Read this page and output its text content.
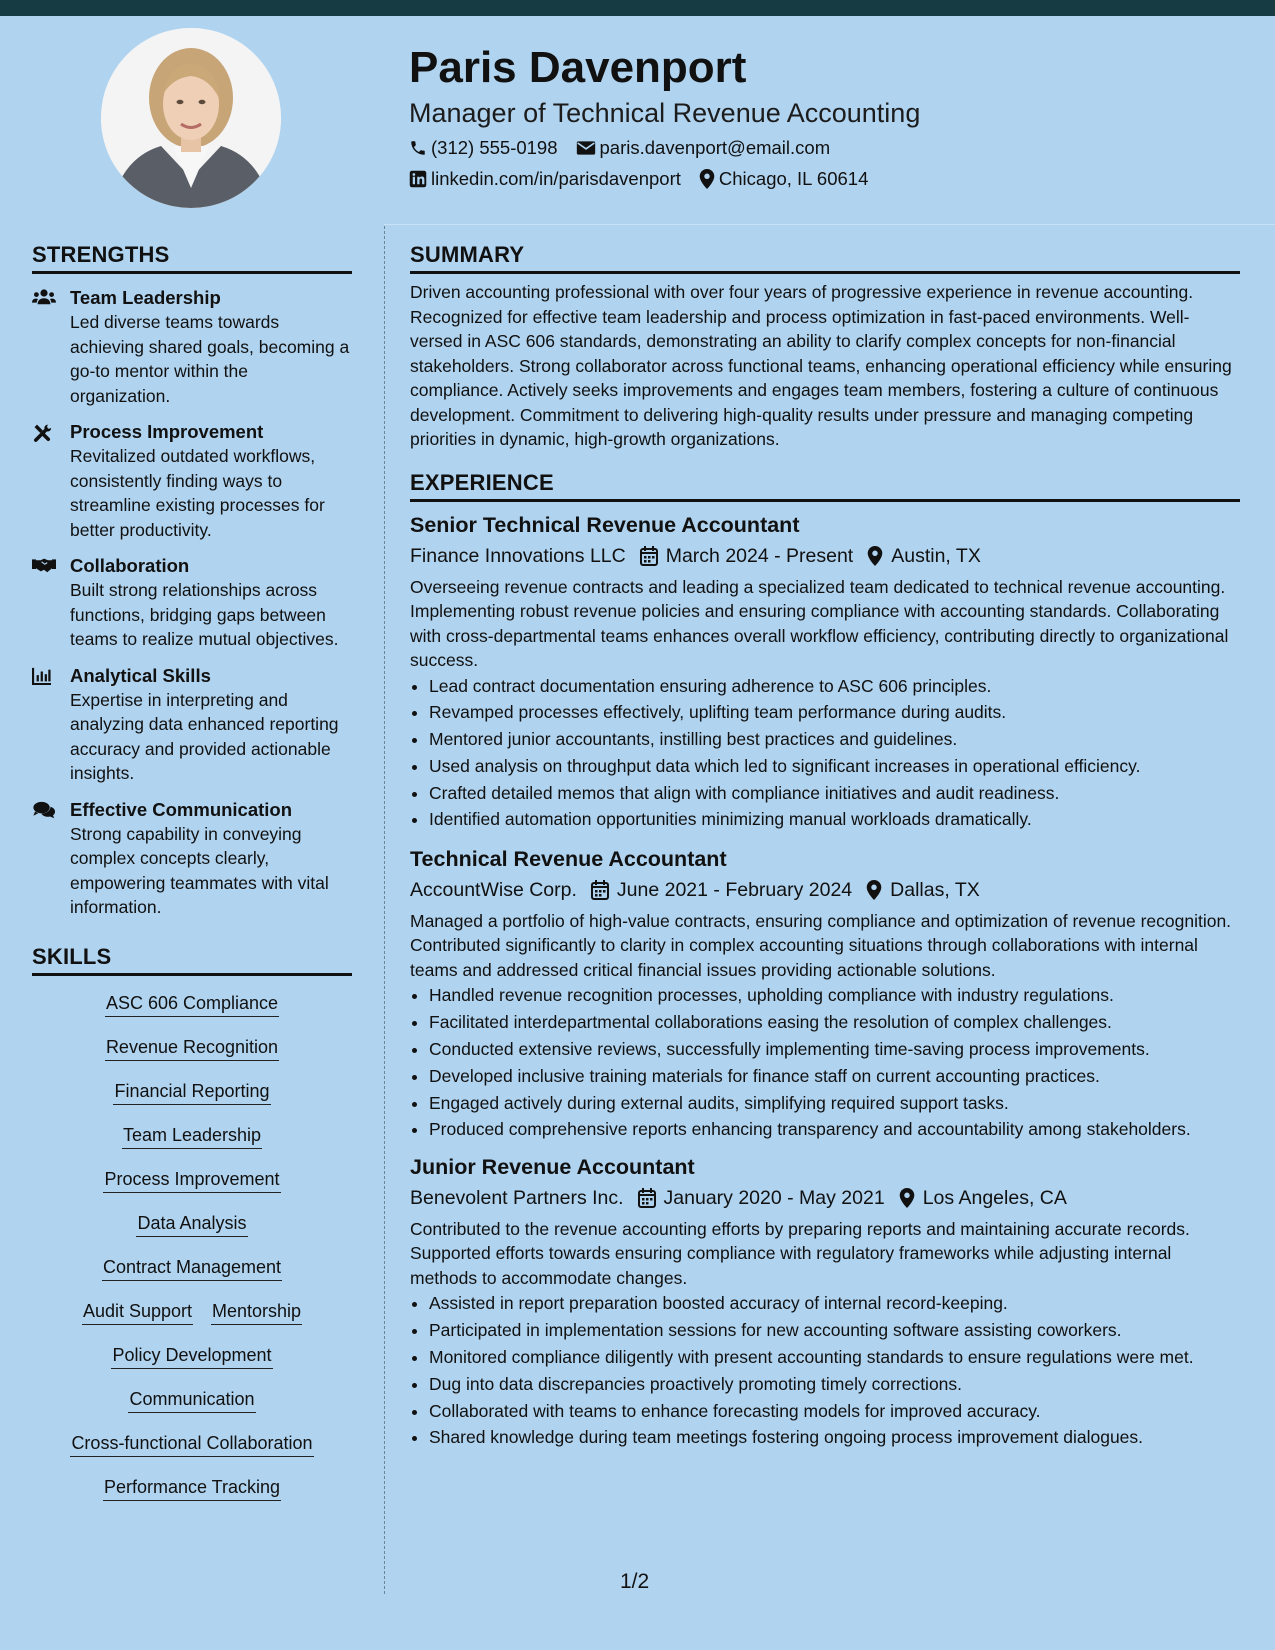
Paris Davenport
Manager of Technical Revenue Accounting
(312) 555-0198 paris.davenport@email.com
linkedin.com/in/parisdavenport Chicago, IL 60614
STRENGTHS
Team Leadership
Led diverse teams towards achieving shared goals, becoming a go-to mentor within the organization.
Process Improvement
Revitalized outdated workflows, consistently finding ways to streamline existing processes for better productivity.
Collaboration
Built strong relationships across functions, bridging gaps between teams to realize mutual objectives.
Analytical Skills
Expertise in interpreting and analyzing data enhanced reporting accuracy and provided actionable insights.
Effective Communication
Strong capability in conveying complex concepts clearly, empowering teammates with vital information.
SKILLS
ASC 606 Compliance
Revenue Recognition
Financial Reporting
Team Leadership
Process Improvement
Data Analysis
Contract Management
Audit Support Mentorship
Policy Development
Communication
Cross-functional Collaboration
Performance Tracking
SUMMARY
Driven accounting professional with over four years of progressive experience in revenue accounting. Recognized for effective team leadership and process optimization in fast-paced environments. Well-versed in ASC 606 standards, demonstrating an ability to clarify complex concepts for non-financial stakeholders. Strong collaborator across functional teams, enhancing operational efficiency while ensuring compliance. Actively seeks improvements and engages team members, fostering a culture of continuous development. Commitment to delivering high-quality results under pressure and managing competing priorities in dynamic, high-growth organizations.
EXPERIENCE
Senior Technical Revenue Accountant
Finance Innovations LLC March 2024 - Present Austin, TX
Overseeing revenue contracts and leading a specialized team dedicated to technical revenue accounting. Implementing robust revenue policies and ensuring compliance with accounting standards. Collaborating with cross-departmental teams enhances overall workflow efficiency, contributing directly to organizational success.
• Lead contract documentation ensuring adherence to ASC 606 principles.
• Revamped processes effectively, uplifting team performance during audits.
• Mentored junior accountants, instilling best practices and guidelines.
• Used analysis on throughput data which led to significant increases in operational efficiency.
• Crafted detailed memos that align with compliance initiatives and audit readiness.
• Identified automation opportunities minimizing manual workloads dramatically.
Technical Revenue Accountant
AccountWise Corp. June 2021 - February 2024 Dallas, TX
Managed a portfolio of high-value contracts, ensuring compliance and optimization of revenue recognition. Contributed significantly to clarity in complex accounting situations through collaborations with internal teams and addressed critical financial issues providing actionable solutions.
• Handled revenue recognition processes, upholding compliance with industry regulations.
• Facilitated interdepartmental collaborations easing the resolution of complex challenges.
• Conducted extensive reviews, successfully implementing time-saving process improvements.
• Developed inclusive training materials for finance staff on current accounting practices.
• Engaged actively during external audits, simplifying required support tasks.
• Produced comprehensive reports enhancing transparency and accountability among stakeholders.
Junior Revenue Accountant
Benevolent Partners Inc. January 2020 - May 2021 Los Angeles, CA
Contributed to the revenue accounting efforts by preparing reports and maintaining accurate records. Supported efforts towards ensuring compliance with regulatory frameworks while adjusting internal methods to accommodate changes.
• Assisted in report preparation boosted accuracy of internal record-keeping.
• Participated in implementation sessions for new accounting software assisting coworkers.
• Monitored compliance diligently with present accounting standards to ensure regulations were met.
• Dug into data discrepancies proactively promoting timely corrections.
• Collaborated with teams to enhance forecasting models for improved accuracy.
• Shared knowledge during team meetings fostering ongoing process improvement dialogues.
1/2
